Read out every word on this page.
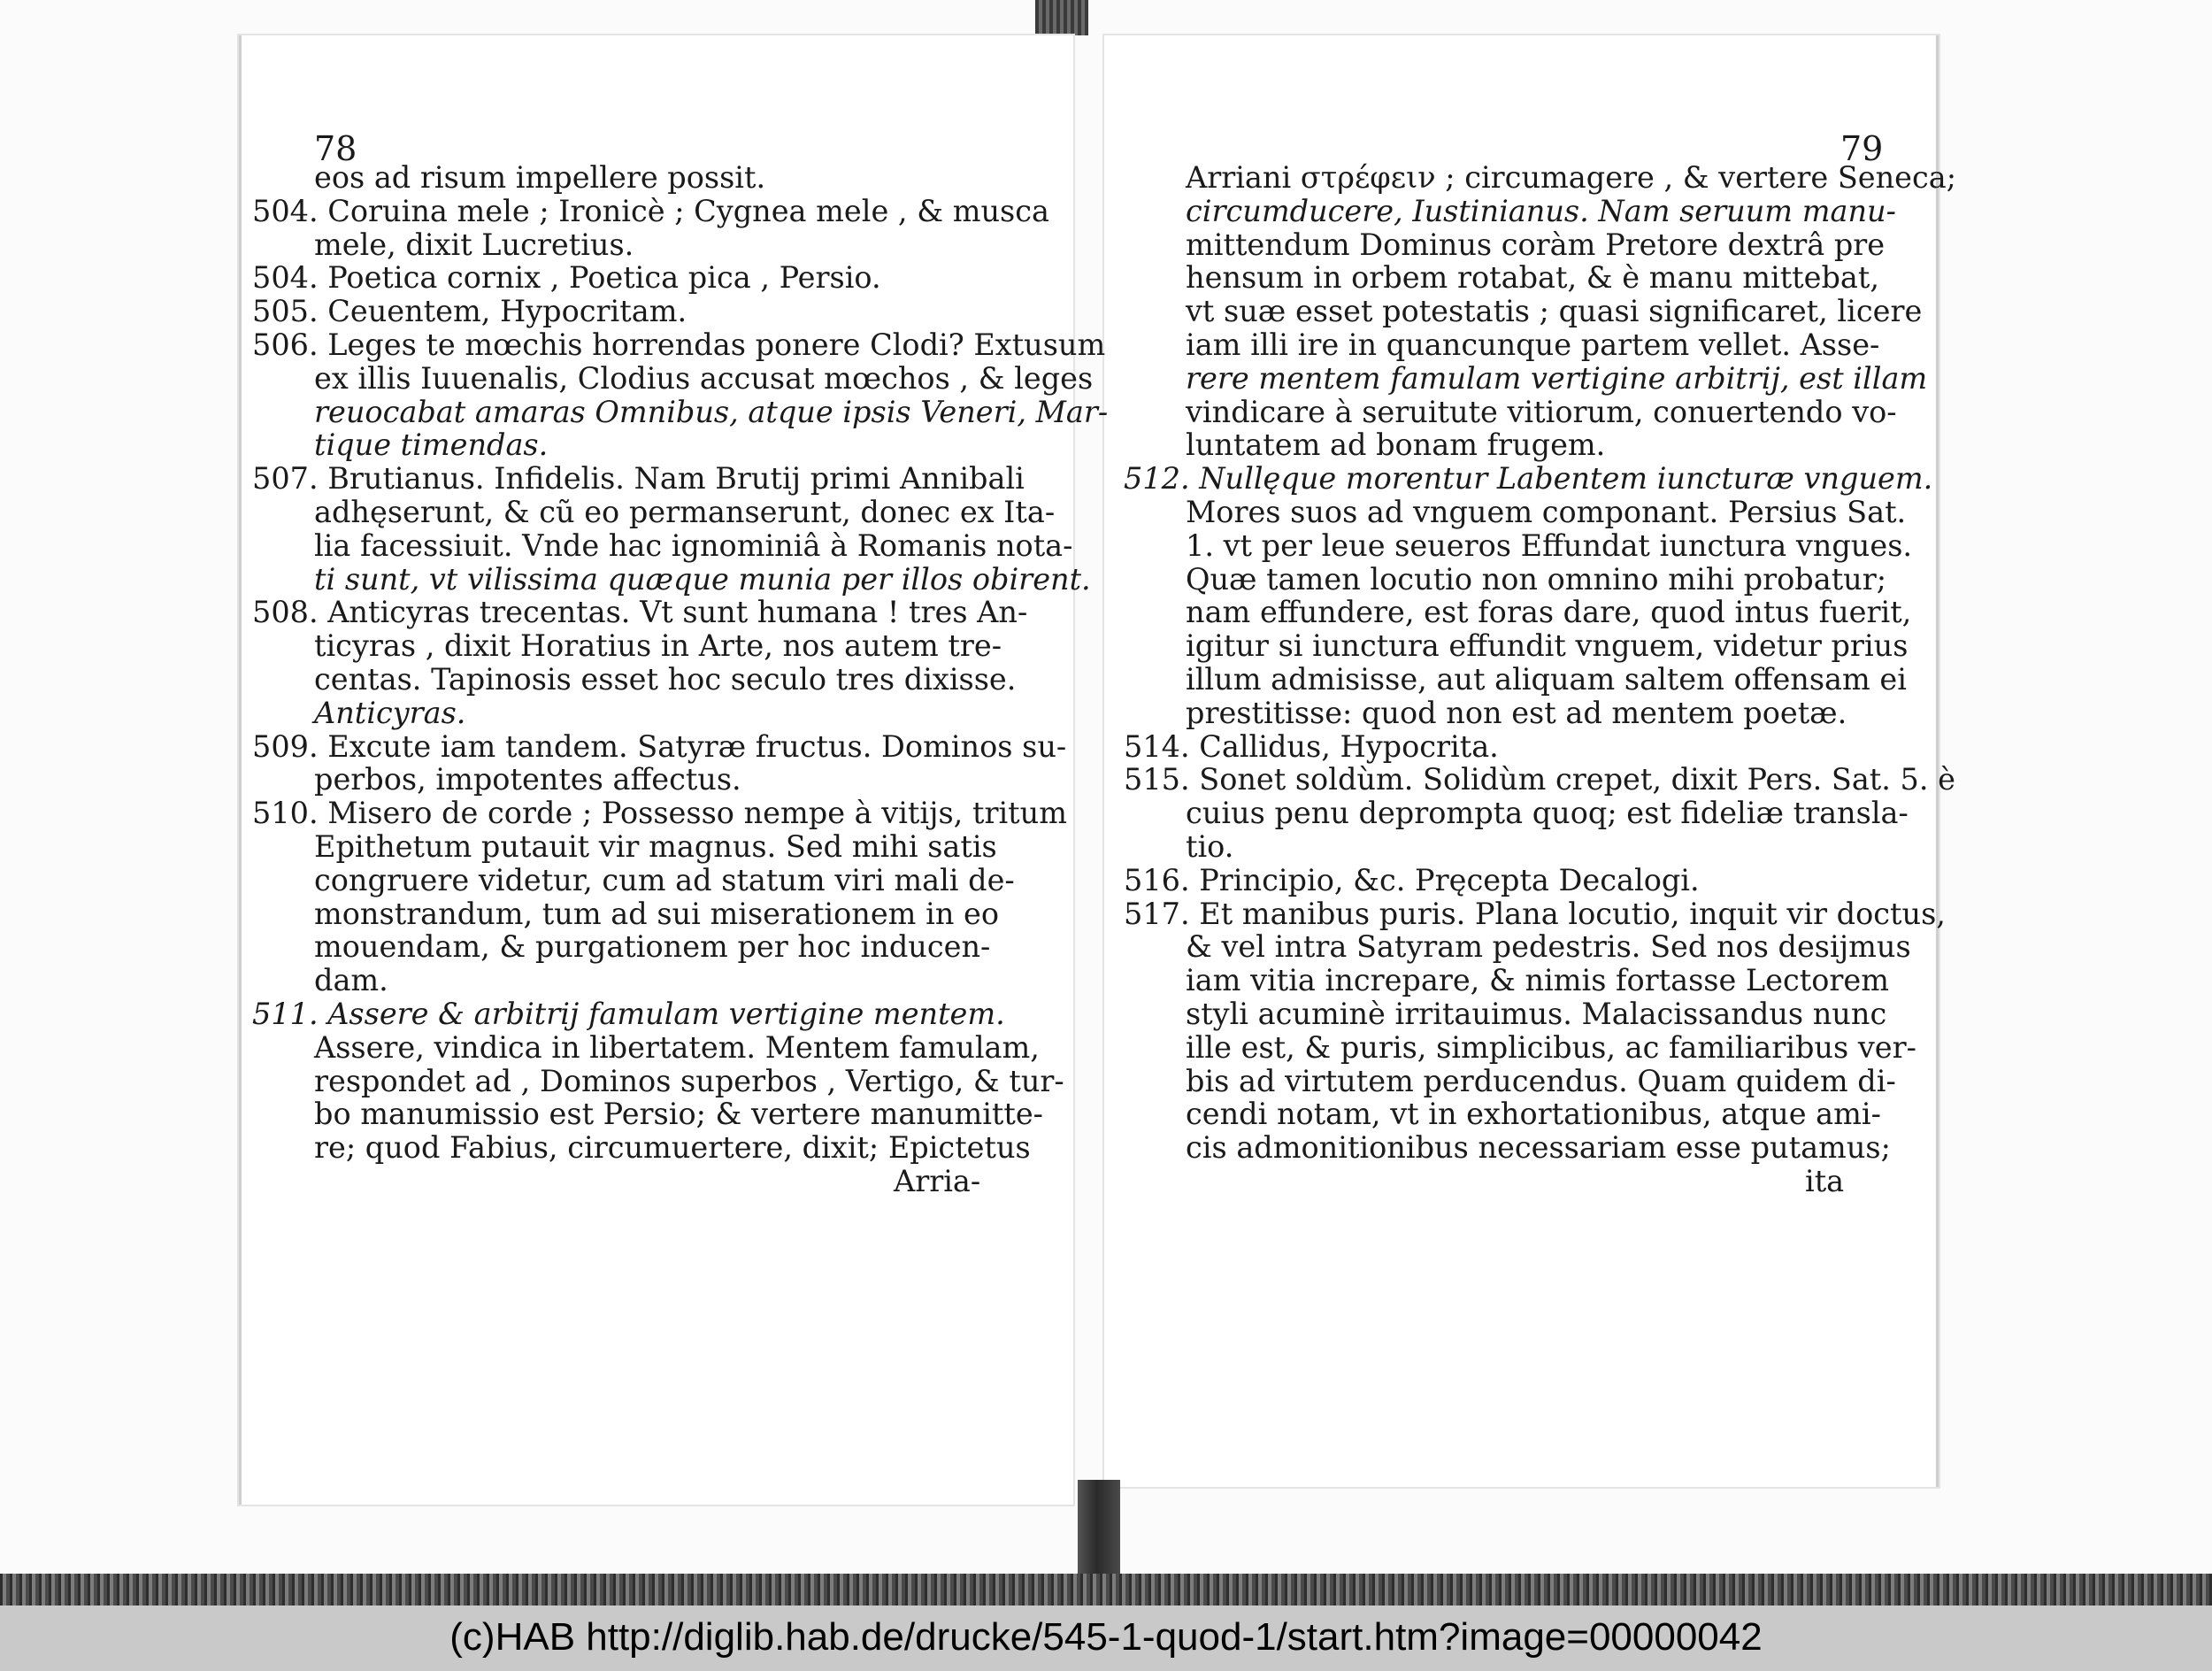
(c)HAB http://diglib.hab.de/drucke/545-1-quod-1/start.htm?image=00000042
78	79
eos ad risum impellere possit.
504. Coruina mele ; Ironicè ; Cygnea mele , & musca
mele, dixit Lucretius.
504. Poetica cornix , Poetica pica , Persio.
505. Ceuentem, Hypocritam.
506. Leges te mœchis horrendas ponere Clodi? Extusum
ex illis Iuuenalis, Clodius accusat mœchos , & leges
reuocabat amaras Omnibus, atque ipsis Veneri, Mar-
tique timendas.
507. Brutianus. Infidelis. Nam Brutij primi Annibali
adhęserunt, & cũ eo permanserunt, donec ex Ita-
lia facessiuit. Vnde hac ignominiâ à Romanis nota-
ti sunt, vt vilissima quæque munia per illos obirent.
508. Anticyras trecentas. Vt sunt humana ! tres An-
ticyras , dixit Horatius in Arte, nos autem tre-
centas. Tapinosis esset hoc seculo tres dixisse.
Anticyras.
509. Excute iam tandem. Satyræ fructus. Dominos su-
perbos, impotentes affectus.
510. Misero de corde ; Possesso nempe à vitijs, tritum
Epithetum putauit vir magnus. Sed mihi satis
congruere videtur, cum ad statum viri mali de-
monstrandum, tum ad sui miserationem in eo
mouendam, & purgationem per hoc inducen-
dam.
511. Assere & arbitrij famulam vertigine mentem.
Assere, vindica in libertatem. Mentem famulam,
respondet ad , Dominos superbos , Vertigo, & tur-
bo manumissio est Persio; & vertere manumitte-
re; quod Fabius, circumuertere, dixit; Epictetus
Arria-
Arriani στρέφειν ; circumagere , & vertere Seneca;
circumducere, Iustinianus. Nam seruum manu-
mittendum Dominus coràm Pretore dextrâ pre
hensum in orbem rotabat, & è manu mittebat,
vt suæ esset potestatis ; quasi significaret, licere
iam illi ire in quancunque partem vellet. Asse-
rere mentem famulam vertigine arbitrij, est illam
vindicare à seruitute vitiorum, conuertendo vo-
luntatem ad bonam frugem.
512. Nullęque morentur Labentem iuncturæ vnguem.
Mores suos ad vnguem componant. Persius Sat.
1. vt per leue seueros Effundat iunctura vngues.
Quæ tamen locutio non omnino mihi probatur;
nam effundere, est foras dare, quod intus fuerit,
igitur si iunctura effundit vnguem, videtur prius
illum admisisse, aut aliquam saltem offensam ei
prestitisse: quod non est ad mentem poetæ.
514. Callidus, Hypocrita.
515. Sonet soldùm. Solidùm crepet, dixit Pers. Sat. 5. è
cuius penu deprompta quoq; est fideliæ transla-
tio.
516. Principio, &c. Pręcepta Decalogi.
517. Et manibus puris. Plana locutio, inquit vir doctus,
& vel intra Satyram pedestris. Sed nos desijmus
iam vitia increpare, & nimis fortasse Lectorem
styli acuminè irritauimus. Malacissandus nunc
ille est, & puris, simplicibus, ac familiaribus ver-
bis ad virtutem perducendus. Quam quidem di-
cendi notam, vt in exhortationibus, atque ami-
cis admonitionibus necessariam esse putamus;
ita
